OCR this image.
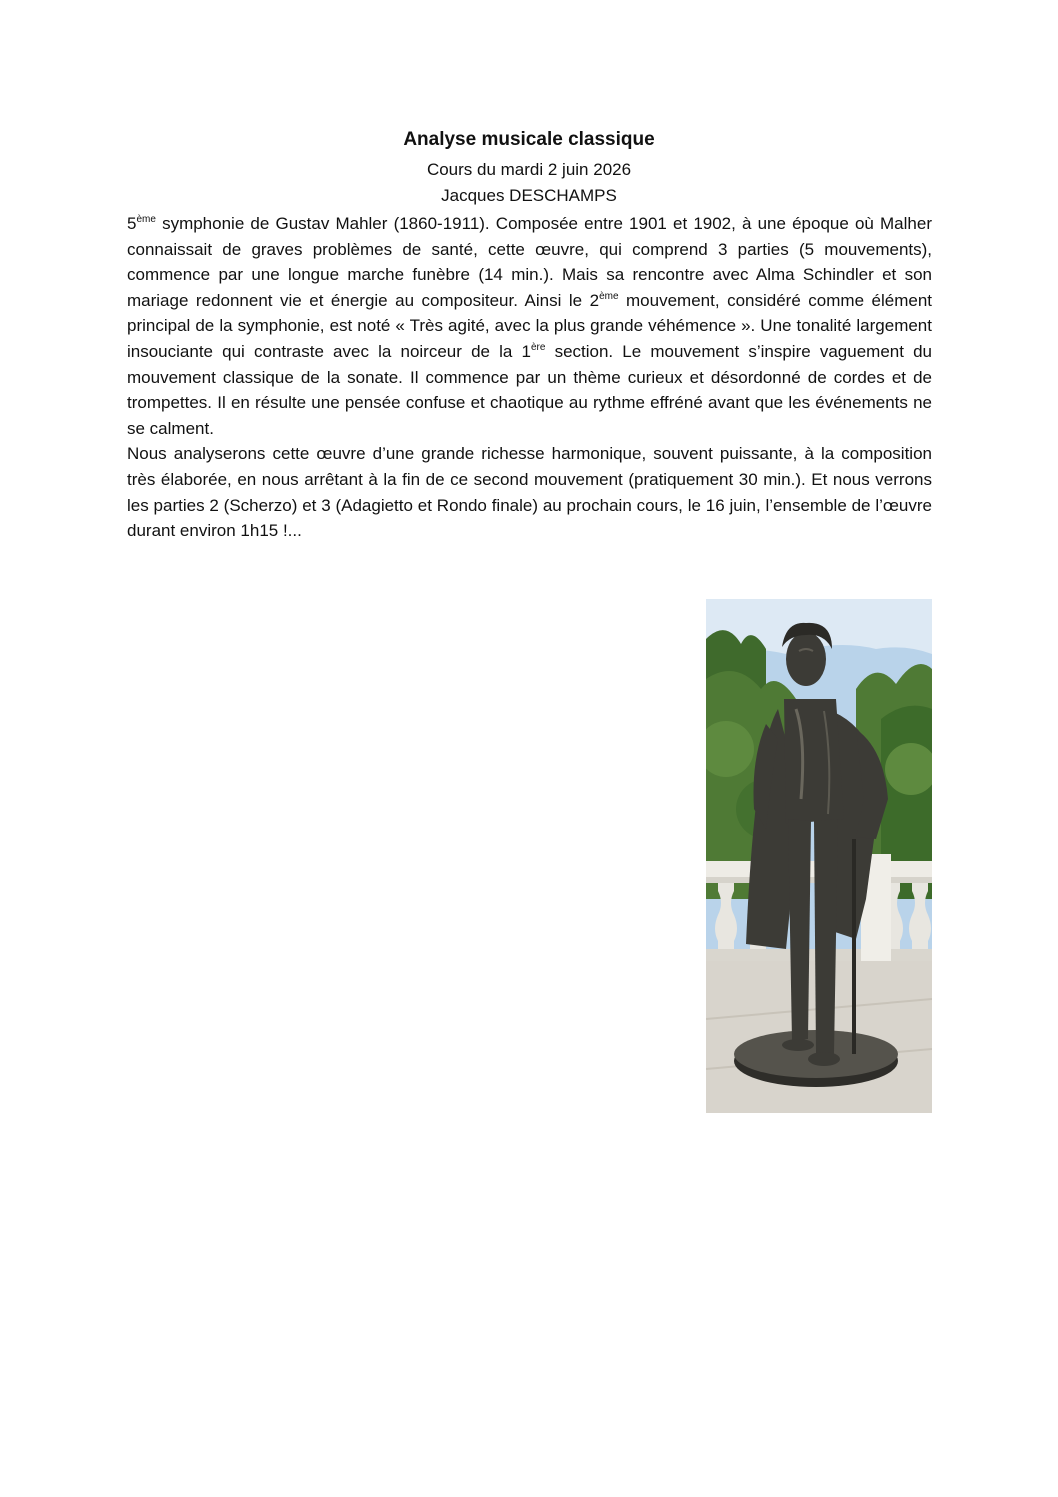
Analyse musicale classique
Cours du mardi 2 juin 2026
Jacques DESCHAMPS

5ème symphonie de Gustav Mahler (1860-1911). Composée entre 1901 et 1902, à une époque où Malher connaissait de graves problèmes de santé, cette œuvre, qui comprend 3 parties (5 mouvements), commence par une longue marche funèbre (14 min.). Mais sa rencontre avec Alma Schindler et son mariage redonnent vie et énergie au compositeur. Ainsi le 2ème mouvement, considéré comme élément principal de la symphonie, est noté « Très agité, avec la plus grande véhémence ». Une tonalité largement insouciante qui contraste avec la noirceur de la 1ère section. Le mouvement s’inspire vaguement du mouvement classique de la sonate. Il commence par un thème curieux et désordonné de cordes et de trompettes. Il en résulte une pensée confuse et chaotique au rythme effréné avant que les événements ne se calment.

Nous analyserons cette œuvre d’une grande richesse harmonique, souvent puissante, à la composition très élaborée, en nous arrêtant à la fin de ce second mouvement (pratiquement 30 min.). Et nous verrons les parties 2 (Scherzo) et 3 (Adagietto et Rondo finale) au prochain cours, le 16 juin, l’ensemble de l’œuvre durant environ 1h15 !...
